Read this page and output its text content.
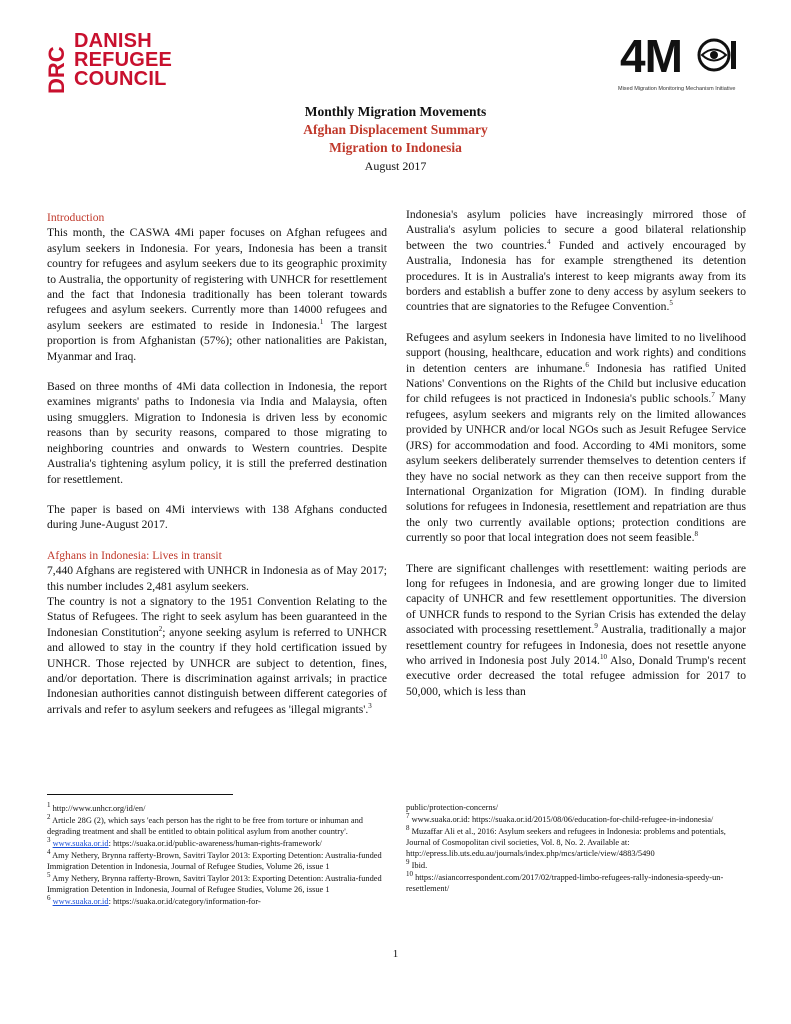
DRC
DANISH
REFUGEE
COUNCIL	4M
Mixed Migration Monitoring Mechanism Initiative
Monthly Migration Movements
Afghan Displacement Summary
Migration to Indonesia
August 2017
Introduction

This month, the CASWA 4Mi paper focuses on Afghan refugees and asylum seekers in Indonesia. For years, Indonesia has been a transit country for refugees and asylum seekers due to its geographic proximity to Australia, the opportunity of registering with UNHCR for resettlement and the fact that Indonesia traditionally has been tolerant towards refugees and asylum seekers. Currently more than 14000 refugees and asylum seekers are estimated to reside in Indonesia.$^1$ The largest proportion is from Afghanistan (57%); other nationalities are Pakistan, Myanmar and Iraq.

Based on three months of 4Mi data collection in Indonesia, the report examines migrants' paths to Indonesia via India and Malaysia, often using smugglers. Migration to Indonesia is driven less by economic reasons than by security reasons, compared to those migrating to neighboring countries and onwards to Western countries. Despite Australia's tightening asylum policy, it is still the preferred destination for resettlement.

The paper is based on 4Mi interviews with 138 Afghans conducted during June-August 2017.

Afghans in Indonesia: Lives in transit

7,440 Afghans are registered with UNHCR in Indonesia as of May 2017; this number includes 2,481 asylum seekers.

The country is not a signatory to the 1951 Convention Relating to the Status of Refugees. The right to seek asylum has been guaranteed in the Indonesian Constitution$^2$; anyone seeking asylum is referred to UNHCR and allowed to stay in the country if they hold certification issued by UNHCR. Those rejected by UNHCR are subject to detention, fines, and/or deportation. There is discrimination against arrivals; in practice Indonesian authorities cannot distinguish between different categories of arrivals and refer to asylum seekers and refugees as 'illegal migrants'.$^3$

Indonesia's asylum policies have increasingly mirrored those of Australia's asylum policies to secure a good bilateral relationship between the two countries.$^4$ Funded and actively encouraged by Australia, Indonesia has for example strengthened its detention procedures. It is in Australia's interest to keep migrants away from its borders and establish a buffer zone to deny access by asylum seekers to countries that are signatories to the Refugee Convention.$^5$

Refugees and asylum seekers in Indonesia have limited to no livelihood support (housing, healthcare, education and work rights) and conditions in detention centers are inhumane.$^6$ Indonesia has ratified United Nations' Conventions on the Rights of the Child but inclusive education for child refugees is not practiced in Indonesia's public schools.$^7$ Many refugees, asylum seekers and migrants rely on the limited allowances provided by UNHCR and/or local NGOs such as Jesuit Refugee Service (JRS) for accommodation and food. According to 4Mi monitors, some asylum seekers deliberately surrender themselves to detention centers if they have no social network as they can then receive support from the International Organization for Migration (IOM). In finding durable solutions for refugees in Indonesia, resettlement and repatriation are thus the only two currently available options; protection conditions are currently so poor that local integration does not seem feasible.$^8$

There are significant challenges with resettlement: waiting periods are long for refugees in Indonesia, and are growing longer due to limited capacity of UNHCR and few resettlement opportunities. The diversion of UNHCR funds to respond to the Syrian Crisis has extended the delay associated with processing resettlement.$^9$ Australia, traditionally a major resettlement country for refugees in Indonesia, does not resettle anyone who arrived in Indonesia post July 2014.10 Also, Donald Trump's recent executive order decreased the total refugee admission for 2017 to 50,000, which is less than

$^1$ http://www.unhcr.org/id/en/
$^2$ Article 28G (2), which says 'each person has the right to be free from torture or inhuman and degrading treatment and shall be entitled to obtain political asylum from another country'.
$^3$ www.suaka.or.id: https://suaka.or.id/public-awareness/human-rights-framework/
$^4$ Amy Nethery, Brynna rafferty-Brown, Savitri Taylor 2013: Exporting Detention: Australia-funded Immigration Detention in Indonesia, Journal of Refugee Studies, Volume 26, issue 1
$^5$ Amy Nethery, Brynna rafferty-Brown, Savitri Taylor 2013: Exporting Detention: Australia-funded Immigration Detention in Indonesia, Journal of Refugee Studies, Volume 26, issue 1
$^6$ www.suaka.or.id: https://suaka.or.id/category/information-for-
public/protection-concerns/
$^7$ www.suaka.or.id: https://suaka.or.id/2015/08/06/education-for-child-refugee-in-indonesia/
$^8$ Muzaffar Ali et al., 2016: Asylum seekers and refugees in Indonesia: problems and potentials, Journal of Cosmopolitan civil societies, Vol. 8, No. 2. Available at: http://epress.lib.uts.edu.au/journals/index.php/mcs/article/view/4883/5490
$^9$ Ibid.
$^{10}$ https://asiancorrespondent.com/2017/02/trapped-limbo-refugees-rally-indonesia-speedy-un-resettlement/
1
